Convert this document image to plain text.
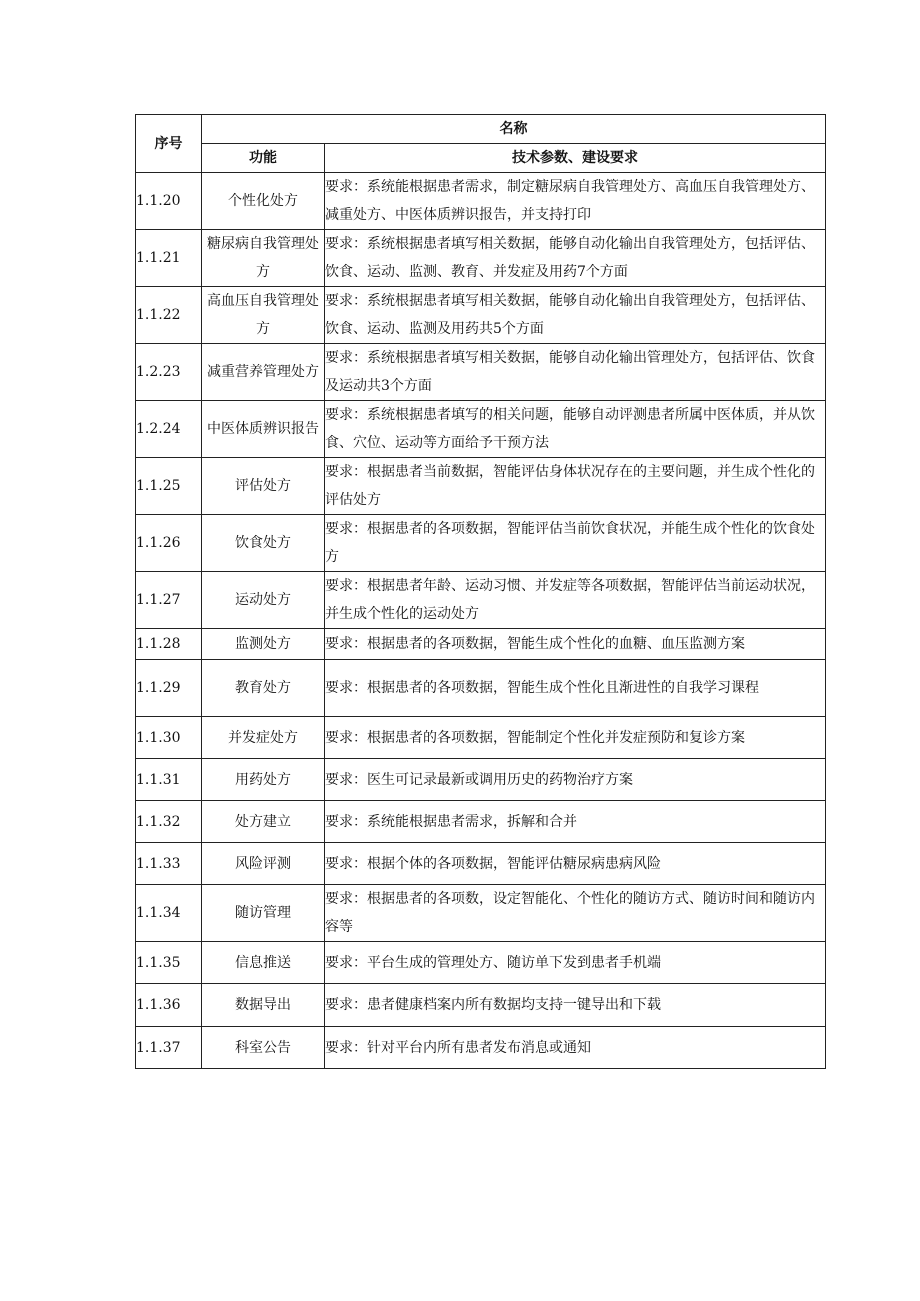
序号	名称	
	功能	技术参数、建设要求
1.1.20	个性化处方	要求：系统能根据患者需求，制定糖尿病自我管理处方、高血压自我管理处方、减重处方、中医体质辨识报告，并支持打印
1.1.21	糖尿病自我管理处方	要求：系统根据患者填写相关数据，能够自动化输出自我管理处方，包括评估、饮食、运动、监测、教育、并发症及用药7个方面
1.1.22	高血压自我管理处方	要求：系统根据患者填写相关数据，能够自动化输出自我管理处方，包括评估、饮食、运动、监测及用药共5个方面
1.2.23	减重营养管理处方	要求：系统根据患者填写相关数据，能够自动化输出管理处方，包括评估、饮食及运动共3个方面
1.2.24	中医体质辨识报告	要求：系统根据患者填写的相关问题，能够自动评测患者所属中医体质，并从饮食、穴位、运动等方面给予干预方法
1.1.25	评估处方	要求：根据患者当前数据，智能评估身体状况存在的主要问题，并生成个性化的评估处方
1.1.26	饮食处方	要求：根据患者的各项数据，智能评估当前饮食状况，并能生成个性化的饮食处方
1.1.27	运动处方	要求：根据患者年龄、运动习惯、并发症等各项数据，智能评估当前运动状况，并生成个性化的运动处方
1.1.28	监测处方	要求：根据患者的各项数据，智能生成个性化的血糖、血压监测方案
1.1.29	教育处方	要求：根据患者的各项数据，智能生成个性化且渐进性的自我学习课程
1.1.30	并发症处方	要求：根据患者的各项数据，智能制定个性化并发症预防和复诊方案
1.1.31	用药处方	要求：医生可记录最新或调用历史的药物治疗方案
1.1.32	处方建立	要求：系统能根据患者需求，拆解和合并
1.1.33	风险评测	要求：根据个体的各项数据，智能评估糖尿病患病风险
1.1.34	随访管理	要求：根据患者的各项数，设定智能化、个性化的随访方式、随访时间和随访内容等
1.1.35	信息推送	要求：平台生成的管理处方、随访单下发到患者手机端
1.1.36	数据导出	要求：患者健康档案内所有数据均支持一键导出和下载
1.1.37	科室公告	要求：针对平台内所有患者发布消息或通知
